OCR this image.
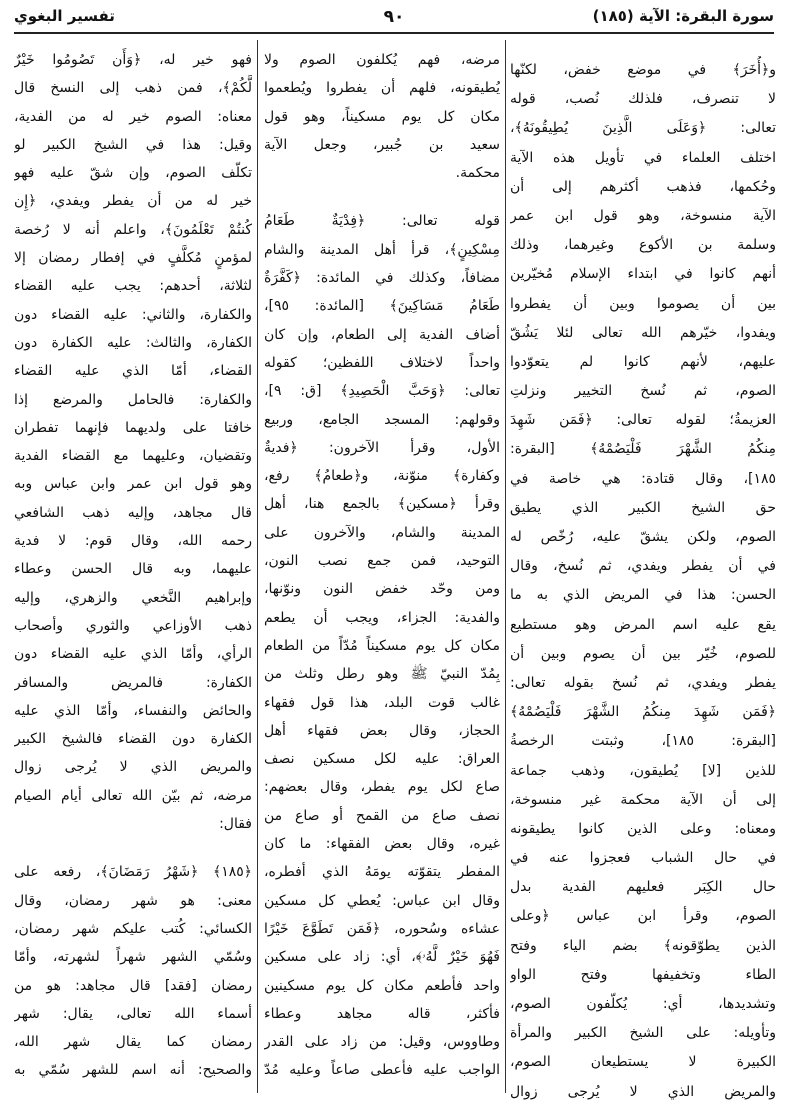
سورة البقرة: الآية (١٨٥)
٩٠
تفسير البغوي
و﴿أُخَرَ﴾ في موضع خفض، لكنّها
لا تنصرف، فلذلك نُصب، قوله
تعالى: ﴿وَعَلَى الَّذِينَ يُطِيقُونَهُ﴾،
اختلف العلماء في تأويل هذه الآية
وحُكمها، فذهب أكثرهم إلى أن
الآية منسوخة، وهو قول ابن عمر
وسلمة بن الأكوع وغيرهما، وذلك
أنهم كانوا في ابتداء الإسلام مُخيّرين
بين أن يصوموا وبين أن يفطروا
ويفدوا، خيّرهم الله تعالى لئلا يَشُقّ
عليهم، لأنهم كانوا لم يتعوّدوا
الصوم، ثم نُسخ التخيير ونزلتِ
العزيمةُ؛ لقوله تعالى: ﴿فَمَن شَهِدَ
مِنكُمُ الشَّهْرَ فَلْيَصُمْهُ﴾ [البقرة:
١٨٥]، وقال قتادة: هي خاصة في
حق الشيخ الكبير الذي يطيق
الصوم، ولكن يشقّ عليه، رُخّص له
في أن يفطر ويفدي، ثم نُسخ، وقال
الحسن: هذا في المريض الذي به ما
يقع عليه اسم المرض وهو مستطيع
للصوم، خُيّر بين أن يصوم وبين أن
يفطر ويفدي، ثم نُسخ بقوله تعالى:
﴿فَمَن شَهِدَ مِنكُمُ الشَّهْرَ فَلْيَصُمْهُ﴾
[البقرة: ١٨٥]، وثبتت الرخصةُ
للذين [لا] يُطيقون، وذهب جماعة
إلى أن الآية محكمة غير منسوخة،
ومعناه: وعلى الذين كانوا يطيقونه
في حال الشباب فعجزوا عنه في
حال الكِبَر فعليهم الفدية بدل
الصوم، وقرأ ابن عباس ﴿وعلى
الذين يطوّقونه﴾ بضم الياء وفتح
الطاء وتخفيفها وفتح الواو
وتشديدها، أي: يُكلّفون الصوم،
وتأويله: على الشيخ الكبير والمرأة
الكبيرة لا يستطيعان الصوم،
والمريض الذي لا يُرجى زوال
مرضه، فهم يُكلفون الصوم ولا
يُطيقونه، فلهم أن يفطروا ويُطعموا
مكان كل يوم مسكيناً، وهو قول
سعيد بن جُبير، وجعل الآية
محكمة.
قوله تعالى: ﴿فِدْيَةٌ طَعَامُ
مِسْكِينٍ﴾، قرأ أهل المدينة والشام
مضافاً، وكذلك في المائدة: ﴿كَفَّرَةٌ
طَعَامُ مَسَاكِينَ﴾ [المائدة: ٩٥]،
أضاف الفدية إلى الطعام، وإن كان
واحداً لاختلاف اللفظين؛ كقوله
تعالى: ﴿وَحَبَّ الْحَصِيدِ﴾ [ق: ٩]،
وقولهم: المسجد الجامع، وربيع
الأول، وقرأ الآخرون: ﴿فديةٌ
وكفارة﴾ منوّنة، و﴿طعامُ﴾ رفع،
وقرأ ﴿مسكين﴾ بالجمع هنا، أهل
المدينة والشام، والآخرون على
التوحيد، فمن جمع نصب النون،
ومن وحّد خفض النون ونوّنها،
والفدية: الجزاء، ويجب أن يطعم
مكان كل يوم مسكيناً مُدّاً من الطعام
بِمُدّ النبيّ ﷺ وهو رطل وثلث من
غالب قوت البلد، هذا قول فقهاء
الحجاز، وقال بعض فقهاء أهل
العراق: عليه لكل مسكين نصف
صاع لكل يوم يفطر، وقال بعضهم:
نصف صاع من القمح أو صاع من
غيره، وقال بعض الفقهاء: ما كان
المفطر يتقوّته يومَهُ الذي أفطره،
وقال ابن عباس: يُعطي كل مسكين
عشاءه وسُحوره، ﴿فَمَن تَطَوَّعَ خَيْرًا
فَهُوَ خَيْرٌ لَّهُۥ﴾، أي: زاد على مسكين
واحد فأطعم مكان كل يوم مسكينين
فأكثر، قاله مجاهد وعطاء
وطاووس، وقيل: من زاد على القدر
الواجب عليه فأعطى صاعاً وعليه مُدّ
فهو خير له، ﴿وَأَن تَصُومُوا خَيْرٌ
لَّكُمْ﴾، فمن ذهب إلى النسخ قال
معناه: الصوم خير له من الفدية،
وقيل: هذا في الشيخ الكبير لو
تكلّف الصوم، وإن شقّ عليه فهو
خير له من أن يفطر ويفدي، ﴿إِن
كُنتُمْ تَعْلَمُونَ﴾، واعلم أنه لا رُخصة
لمؤمنٍ مُكلَّفٍ في إفطار رمضان إلا
لثلاثة، أحدهم: يجب عليه القضاء
والكفارة، والثاني: عليه القضاء دون
الكفارة، والثالث: عليه الكفارة دون
القضاء، أمّا الذي عليه القضاء
والكفارة: فالحامل والمرضع إذا
خافتا على ولديهما فإنهما تفطران
وتقضيان، وعليهما مع القضاء الفدية
وهو قول ابن عمر وابن عباس وبه
قال مجاهد، وإليه ذهب الشافعي
رحمه الله، وقال قوم: لا فدية
عليهما، وبه قال الحسن وعطاء
وإبراهيم النَّخعي والزهري، وإليه
ذهب الأوزاعي والثوري وأصحاب
الرأي، وأمّا الذي عليه القضاء دون
الكفارة: فالمريض والمسافر
والحائض والنفساء، وأمّا الذي عليه
الكفارة دون القضاء فالشيخ الكبير
والمريض الذي لا يُرجى زوال
مرضه، ثم بيّن الله تعالى أيام الصيام
فقال:
﴿١٨٥﴾ ﴿شَهْرُ رَمَضَانَ﴾، رفعه على
معنى: هو شهر رمضان، وقال
الكسائي: كُتب عليكم شهر رمضان،
وسُمّي الشهر شهراً لشهرته، وأمّا
رمضان [فقد] قال مجاهد: هو من
أسماء الله تعالى، يقال: شهر
رمضان كما يقال شهر الله،
والصحيح: أنه اسم للشهر سُمّي به
